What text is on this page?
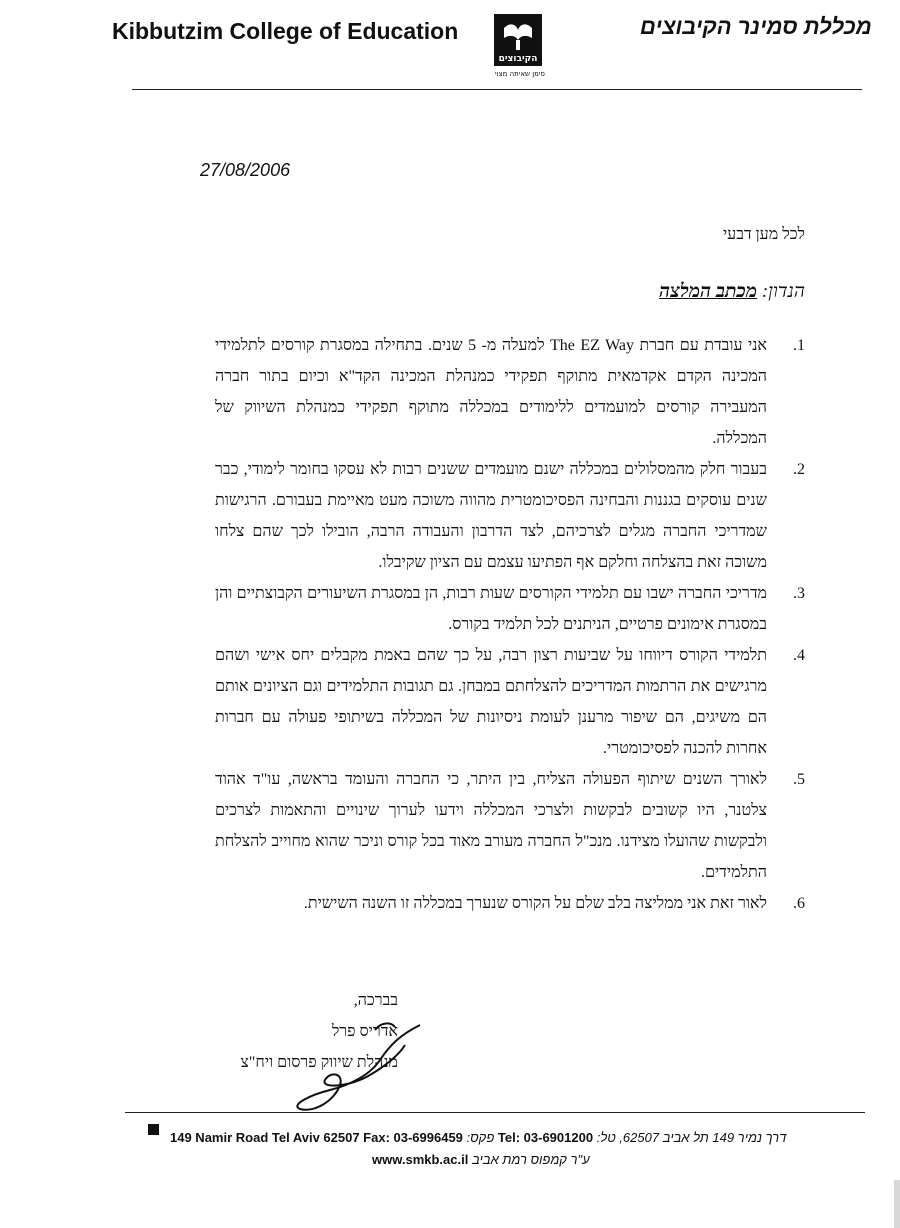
Kibbutzim College of Education
הקיבוצים
סימן שאיתה מצוי
מכללת סמינר הקיבוצים
27/08/2006
לכל מען דבעי
הנדון: מכתב המלצה
1.

אני עובדת עם חברת The EZ Way למעלה מ- 5 שנים. בתחילה במסגרת קורסים לתלמידי המכינה הקדם אקדמאית מתוקף תפקידי כמנהלת המכינה הקד"א וכיום בתור חברה המעבירה קורסים למועמדים ללימודים במכללה מתוקף תפקידי כמנהלת השיווק של המכללה.

2.

בעבור חלק מהמסלולים במכללה ישנם מועמדים ששנים רבות לא עסקו בחומר לימודי, כבר שנים עוסקים בגננות והבחינה הפסיכומטרית מהווה משוכה מעט מאיימת בעבורם. הרגישות שמדריכי החברה מגלים לצרכיהם, לצד הדרבון והעבודה הרבה, הובילו לכך שהם צלחו משוכה זאת בהצלחה וחלקם אף הפתיעו עצמם עם הציון שקיבלו.

3.

מדריכי החברה ישבו עם תלמידי הקורסים שעות רבות, הן במסגרת השיעורים הקבוצתיים והן במסגרת אימונים פרטיים, הניתנים לכל תלמיד בקורס.

4.

תלמידי הקורס דיווחו על שביעות רצון רבה, על כך שהם באמת מקבלים יחס אישי ושהם מרגישים את הרתמות המדריכים להצלחתם במבחן. גם תגובות התלמידים וגם הציונים אותם הם משיגים, הם שיפור מרענן לעומת ניסיונות של המכללה בשיתופי פעולה עם חברות אחרות להכנה לפסיכומטרי.

5.

לאורך השנים שיתוף הפעולה הצליח, בין היתר, כי החברה והעומד בראשה, עו"ד אהוד צלטנר, היו קשובים לבקשות ולצרכי המכללה וידעו לערוך שינויים והתאמות לצרכים ולבקשות שהועלו מצידנו. מנכ"ל החברה מעורב מאוד בכל קורס וניכר שהוא מחוייב להצלחת התלמידים.

6.

לאור זאת אני ממליצה בלב שלם על הקורס שנערך במכללה זו השנה השישית.

בברכה,
אדריס פרל
מנהלת שיווק פרסום ויח"צ
149 Namir Road Tel Aviv 62507 Fax: 03-6996459 פקס: Tel: 03-6901200 דרך נמיר 149 תל אביב 62507, טל:
www.smkb.ac.il ע"ר קמפוס רמת אביב
